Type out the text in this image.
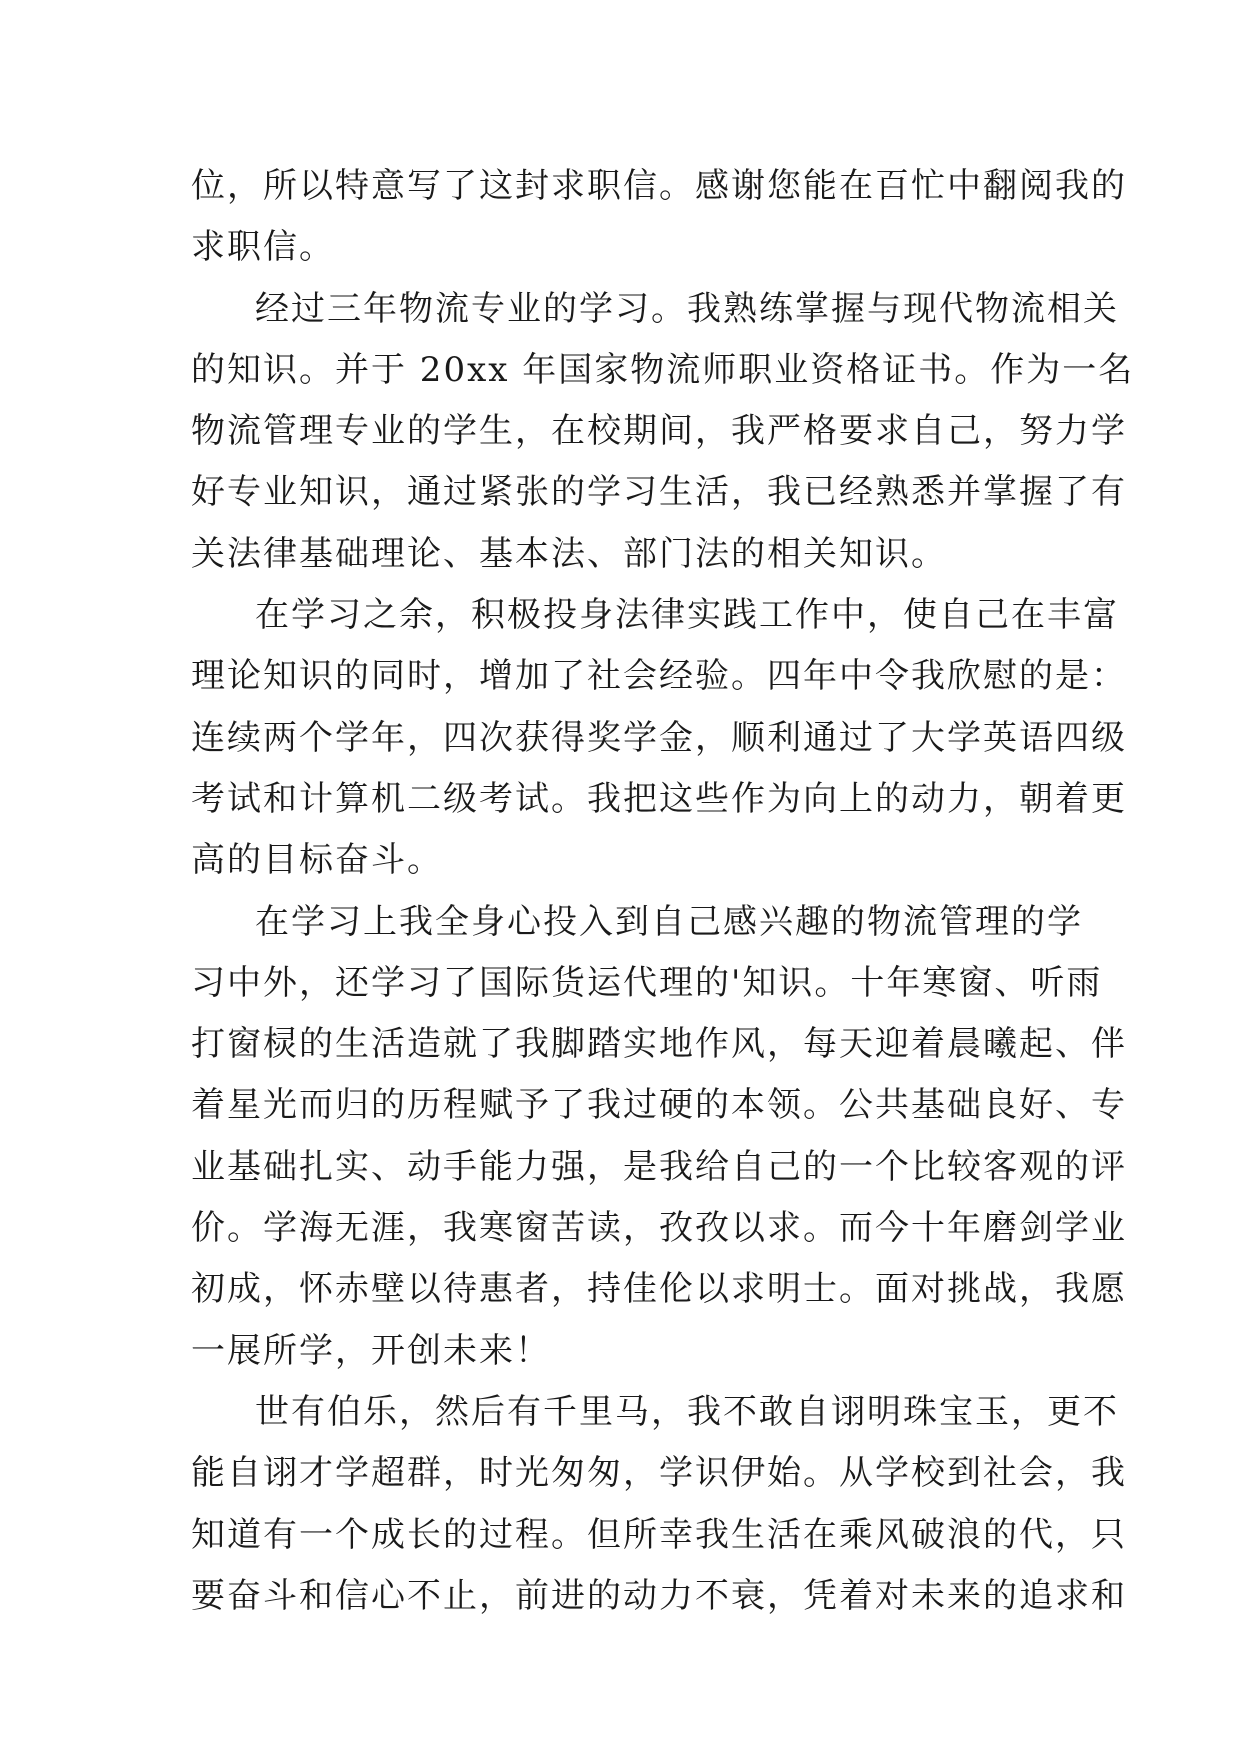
位，所以特意写了这封求职信。感谢您能在百忙中翻阅我的
求职信。
经过三年物流专业的学习。我熟练掌握与现代物流相关
的知识。并于 20xx 年国家物流师职业资格证书。作为一名
物流管理专业的学生，在校期间，我严格要求自己，努力学
好专业知识，通过紧张的学习生活，我已经熟悉并掌握了有
关法律基础理论、基本法、部门法的相关知识。
在学习之余，积极投身法律实践工作中，使自己在丰富
理论知识的同时，增加了社会经验。四年中令我欣慰的是：
连续两个学年，四次获得奖学金，顺利通过了大学英语四级
考试和计算机二级考试。我把这些作为向上的动力，朝着更
高的目标奋斗。
在学习上我全身心投入到自己感兴趣的物流管理的学
习中外，还学习了国际货运代理的'知识。十年寒窗、听雨
打窗棂的生活造就了我脚踏实地作风，每天迎着晨曦起、伴
着星光而归的历程赋予了我过硬的本领。公共基础良好、专
业基础扎实、动手能力强，是我给自己的一个比较客观的评
价。学海无涯，我寒窗苦读，孜孜以求。而今十年磨剑学业
初成，怀赤壁以待惠者，持佳伦以求明士。面对挑战，我愿
一展所学，开创未来！
世有伯乐，然后有千里马，我不敢自诩明珠宝玉，更不
能自诩才学超群，时光匆匆，学识伊始。从学校到社会，我
知道有一个成长的过程。但所幸我生活在乘风破浪的代，只
要奋斗和信心不止，前进的动力不衰，凭着对未来的追求和
